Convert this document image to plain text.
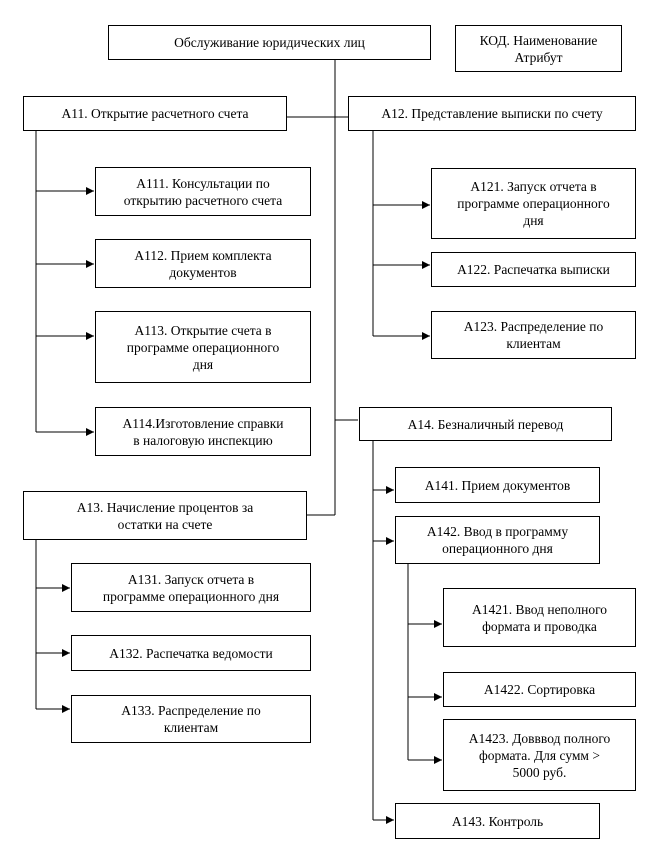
КОД. Наименование
Атрибут
Обслуживание юридических лиц
А11. Открытие расчетного счета
А111. Консультации по
открытию расчетного счета
А112. Прием комплекта
документов
А113. Открытие счета в
программе операционного
дня
А114.Изготовление справки
в налоговую инспекцию
А12. Представление выписки по счету
А121. Запуск отчета в
программе операционного
дня
А122. Распечатка выписки
А123. Распределение по
клиентам
А13. Начисление процентов за
остатки на счете
А131. Запуск отчета в
программе операционного дня
А132. Распечатка ведомости
А133. Распределение по
клиентам
А14. Безналичный перевод
А141. Прием документов
А142. Ввод в программу
операционного дня
А1421. Ввод неполного
формата и проводка
А1422. Сортировка
А1423. Довввод полного
формата. Для сумм >
5000 руб.
А143. Контроль
